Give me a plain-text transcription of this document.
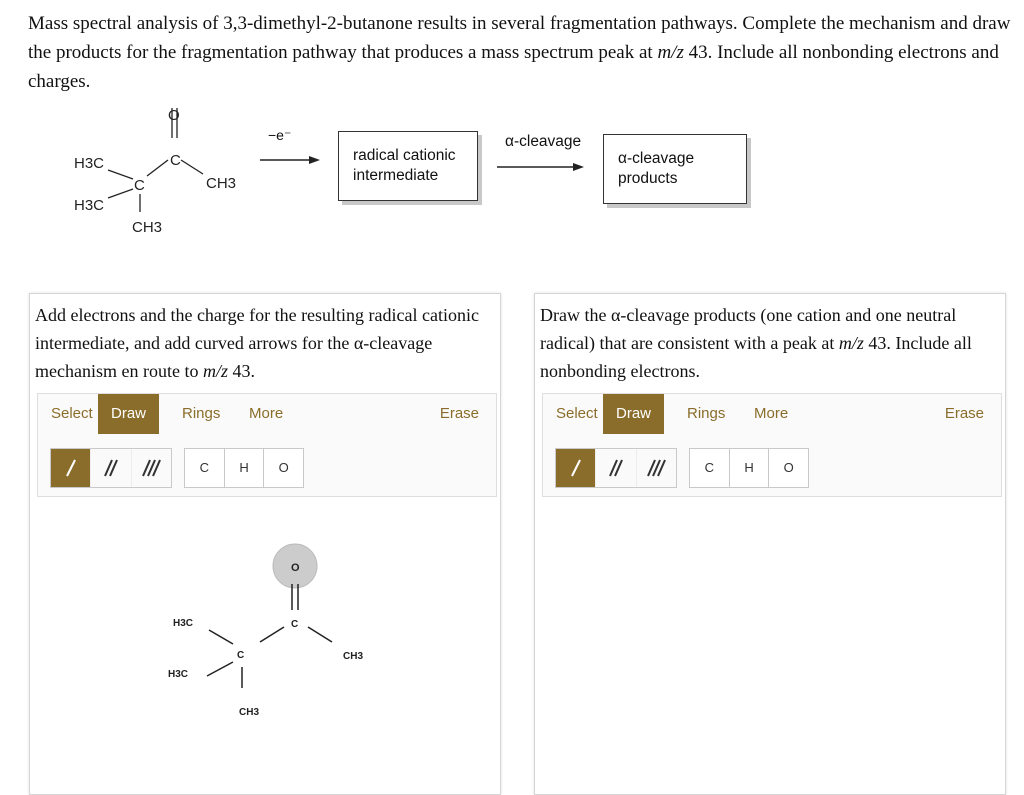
Mass spectral analysis of 3,3-dimethyl-2-butanone results in several fragmentation pathways. Complete the mechanism and draw the products for the fragmentation pathway that produces a mass spectrum peak at m/z 43. Include all nonbonding electrons and charges.

O
C
C
H3C
H3C
CH3
CH3
−e⁻	α-cleavage
radical cationic
intermediate
α-cleavage
products
Add electrons and the charge for the resulting radical cationic intermediate, and add curved arrows for the α-cleavage mechanism en route to m/z 43.
Select	Draw	Rings	More	Erase
C	H	O
O
C
C
H3C
H3C
CH3
CH3
Draw the α-cleavage products (one cation and one neutral radical) that are consistent with a peak at m/z 43. Include all nonbonding electrons.
Select	Draw	Rings	More	Erase
C	H	O
